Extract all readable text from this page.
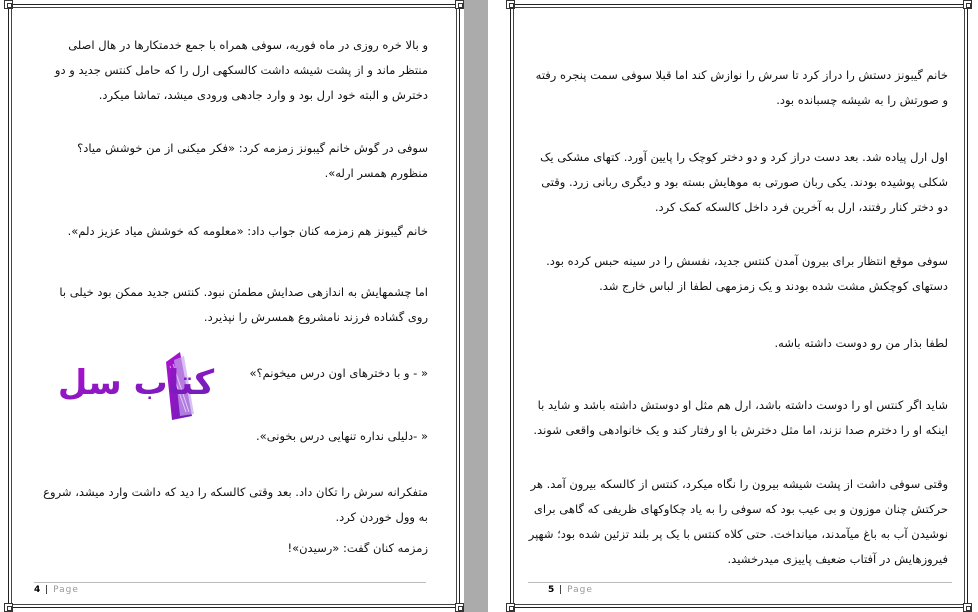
و بالا خره روزی در ماه فوریه، سوفی همراه با جمع خدمتکارها در هال اصلی منتظر ماند و از پشت شیشه داشت کالسکهی ارل را که حامل کنتس جدید و دو دخترش و البته خود ارل بود و وارد جادهی ورودی میشد، تماشا میکرد.

سوفی در گوش خانم گیبونز زمزمه کرد: «فکر میکنی از من خوشش میاد؟ منظورم همسر ارله».

خانم گیبونز هم زمزمه کنان جواب داد: «معلومه که خوشش میاد عزیز دلم».

اما چشمهایش به اندازهی صدایش مطمئن نبود. کنتس جدید ممکن بود خیلی با روی گشاده فرزند نامشروع همسرش را نپذیرد.

« - و با دخترهای اون درس میخونم؟»

« -دلیلی نداره تنهایی درس بخونی».

متفکرانه سرش را تکان داد. بعد وقتی کالسکه را دید که داشت وارد میشد، شروع به وول خوردن کرد.

زمزمه کنان گفت: «رسیدن»!

کتاب سل
4 | Page

خانم گیبونز دستش را دراز کرد تا سرش را نوازش کند اما قبلا سوفی سمت پنجره رفته و صورتش را به شیشه چسبانده بود.

اول ارل پیاده شد. بعد دست دراز کرد و دو دختر کوچک را پایین آورد. کتهای مشکی یک شکلی پوشیده بودند. یکی ربان صورتی به موهایش بسته بود و دیگری ربانی زرد. وقتی دو دختر کنار رفتند، ارل به آخرین فرد داخل کالسکه کمک کرد.

سوفی موقع انتظار برای بیرون آمدن کنتس جدید، نفسش را در سینه حبس کرده بود. دستهای کوچکش مشت شده بودند و یک زمزمهی لطفا از لباس خارج شد.

لطفا بذار من رو دوست داشته باشه.

شاید اگر کنتس او را دوست داشته باشد، ارل هم مثل او دوستش داشته باشد و شاید با اینکه او را دخترم صدا نزند، اما مثل دخترش با او رفتار کند و یک خانوادهی واقعی شوند.

وقتی سوفی داشت از پشت شیشه بیرون را نگاه میکرد، کنتس از کالسکه بیرون آمد. هر حرکتش چنان موزون و بی عیب بود که سوفی را به یاد چکاوکهای ظریفی که گاهی برای نوشیدن آب به باغ میآمدند، میانداخت. حتی کلاه کنتس با یک پر بلند تزئین شده بود؛ شهپر فیروزهایش در آفتاب ضعیف پاییزی میدرخشید.

5 | Page
